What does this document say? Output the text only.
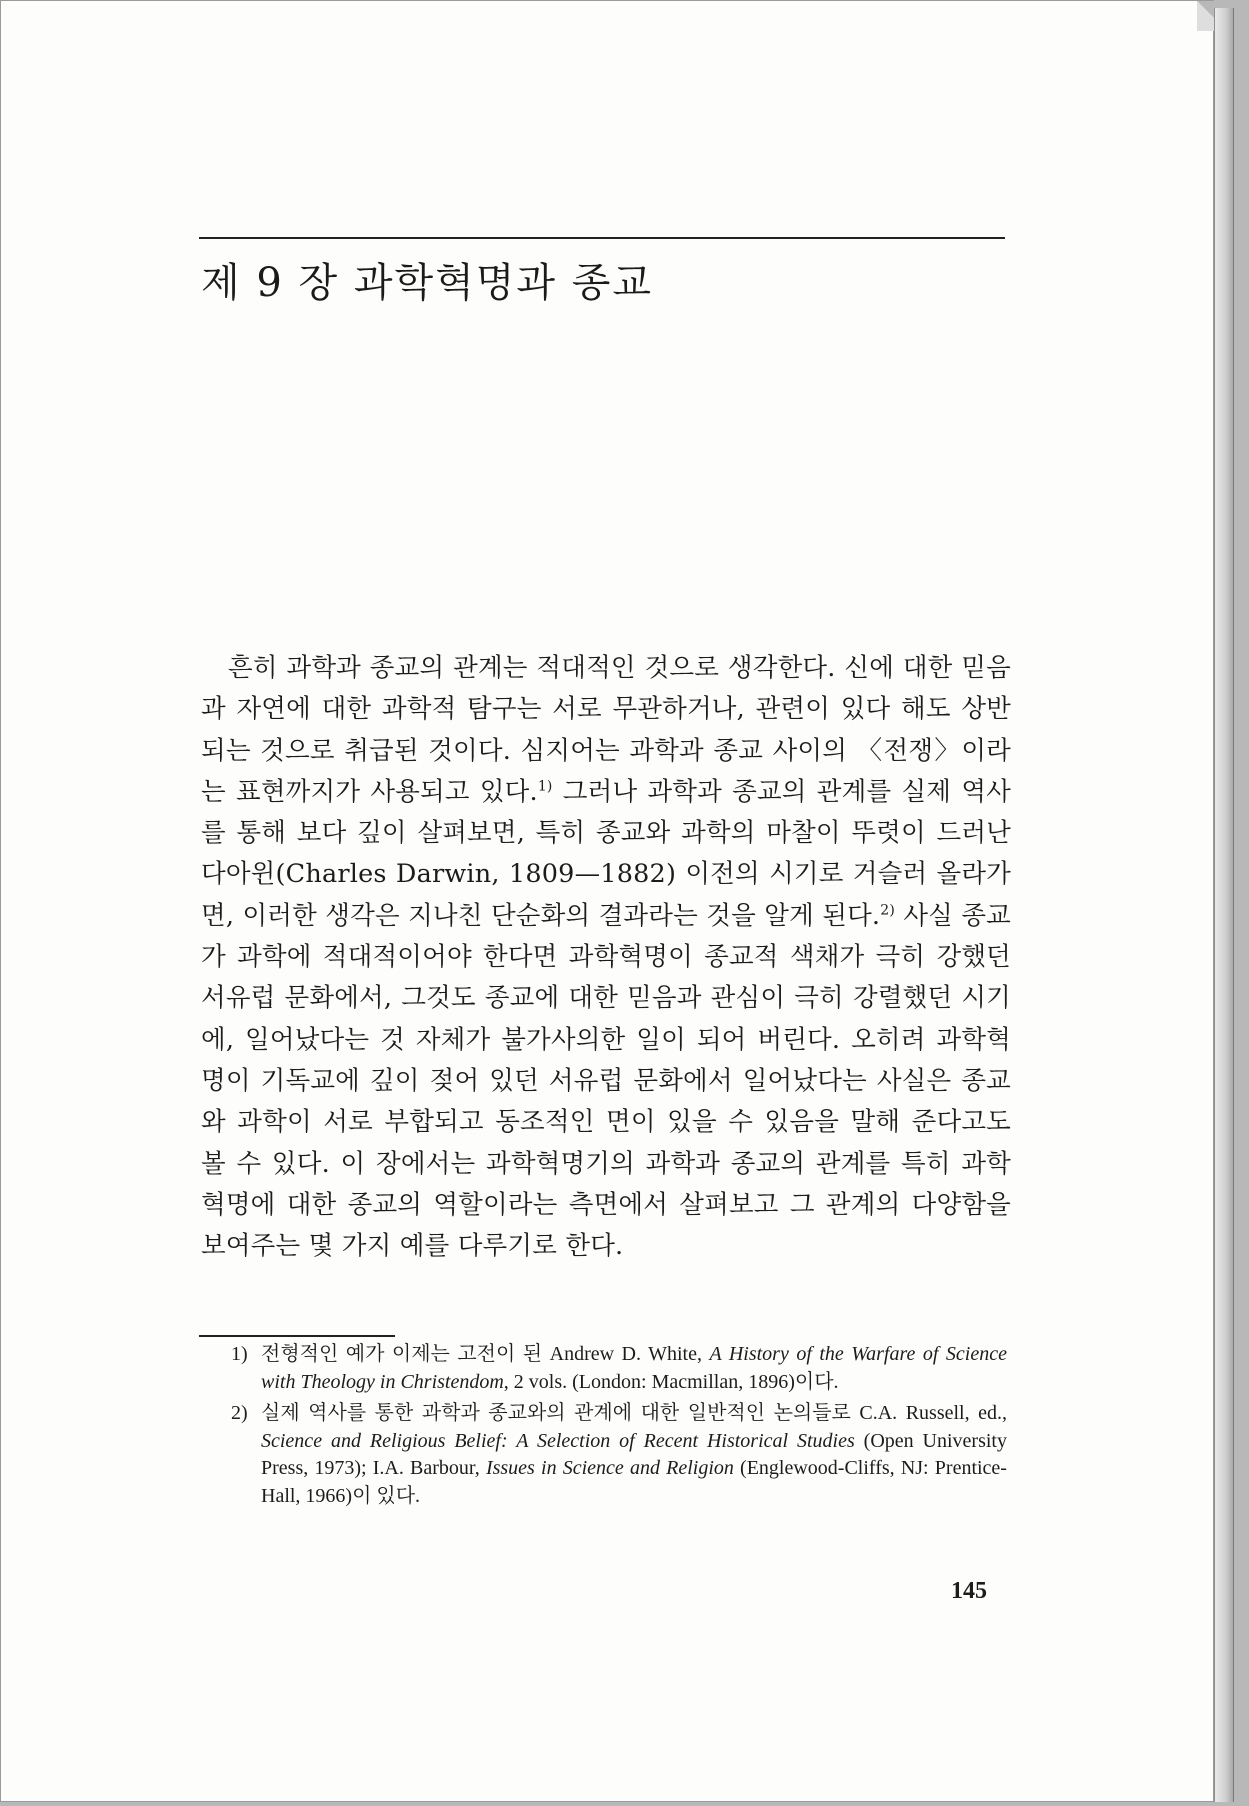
제 9 장 과학혁명과 종교
흔히 과학과 종교의 관계는 적대적인 것으로 생각한다. 신에 대한 믿음과 자연에 대한 과학적 탐구는 서로 무관하거나, 관련이 있다 해도 상반되는 것으로 취급된 것이다. 심지어는 과학과 종교 사이의 〈전쟁〉이라는 표현까지가 사용되고 있다.$^{1)}$ 그러나 과학과 종교의 관계를 실제 역사를 통해 보다 깊이 살펴보면, 특히 종교와 과학의 마찰이 뚜렷이 드러난 다아윈(Charles Darwin, 1809—1882) 이전의 시기로 거슬러 올라가면, 이러한 생각은 지나친 단순화의 결과라는 것을 알게 된다.$^{2)}$ 사실 종교가 과학에 적대적이어야 한다면 과학혁명이 종교적 색채가 극히 강했던 서유럽 문화에서, 그것도 종교에 대한 믿음과 관심이 극히 강렬했던 시기에, 일어났다는 것 자체가 불가사의한 일이 되어 버린다. 오히려 과학혁명이 기독교에 깊이 젖어 있던 서유럽 문화에서 일어났다는 사실은 종교와 과학이 서로 부합되고 동조적인 면이 있을 수 있음을 말해 준다고도 볼 수 있다. 이 장에서는 과학혁명기의 과학과 종교의 관계를 특히 과학혁명에 대한 종교의 역할이라는 측면에서 살펴보고 그 관계의 다양함을 보여주는 몇 가지 예를 다루기로 한다.
1) 전형적인 예가 이제는 고전이 된 Andrew D. White, A History of the Warfare of Science with Theology in Christendom, 2 vols. (London: Macmillan, 1896)이다.
2) 실제 역사를 통한 과학과 종교와의 관계에 대한 일반적인 논의들로 C.A. Russell, ed., Science and Religious Belief: A Selection of Recent Historical Studies (Open University Press, 1973); I.A. Barbour, Issues in Science and Religion (Englewood-Cliffs, NJ: Prentice-Hall, 1966)이 있다.
145
